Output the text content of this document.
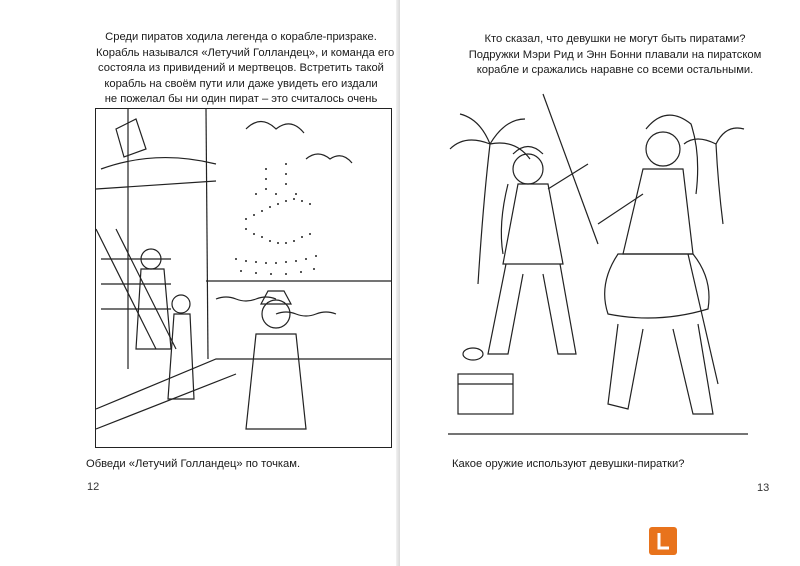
Среди пиратов ходила легенда о корабле-призраке.
Корабль назывался «Летучий Голландец», и команда его
состояла из привидений и мертвецов. Встретить такой
корабль на своём пути или даже увидеть его издали
не пожелал бы ни один пират – это считалось очень
Обведи «Летучий Голландец» по точкам.
12
Кто сказал, что девушки не могут быть пиратами?
Подружки Мэри Рид и Энн Бонни плавали на пиратском
корабле и сражались наравне со всеми остальными.
Какое оружие используют девушки-пиратки?
13
